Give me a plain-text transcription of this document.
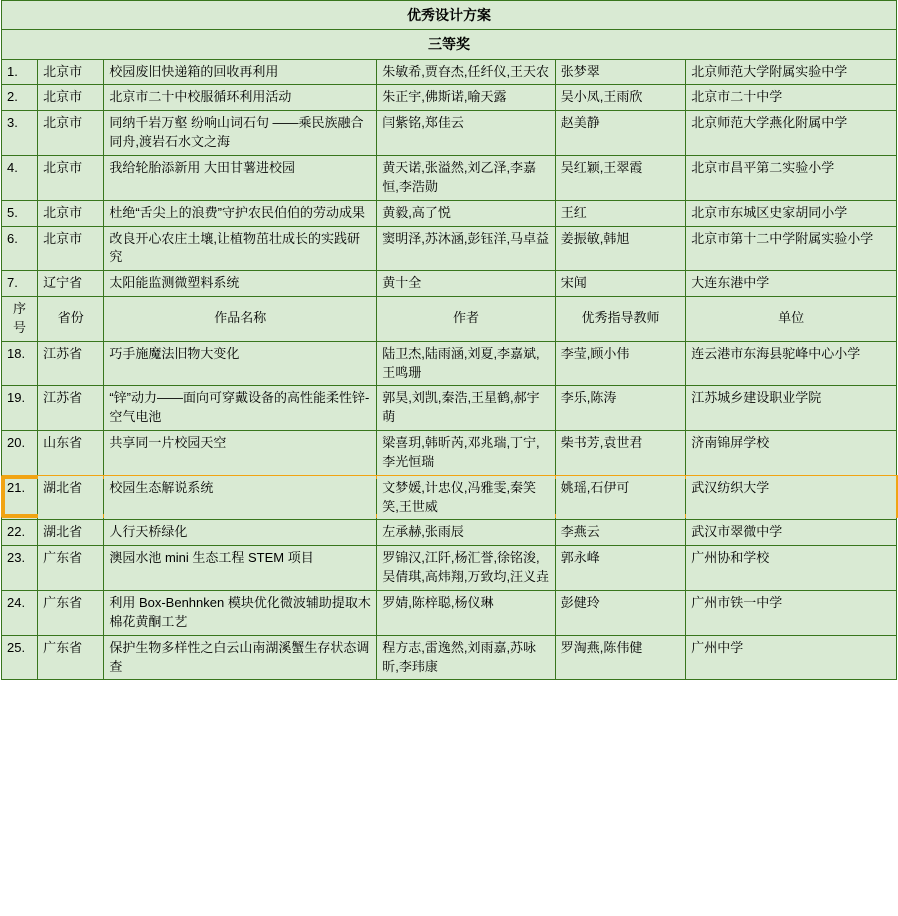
优秀设计方案					
三等奖					
1.	北京市	校园废旧快递箱的回收再利用	朱敏希,贾昚杰,任纤仪,王天农	张梦翠	北京师范大学附属实验中学
2.	北京市	北京市二十中校服循环利用活动	朱正宇,佛斯诺,喻天露	吴小凤,王雨欣	北京市二十中学
3.	北京市	同纳千岩万壑 纷响山词石句 ——乘民族融合同舟,渡岩石水文之海	闫紫铭,郑佳云	赵美静	北京师范大学燕化附属中学
4.	北京市	我给轮胎添新用 大田甘薯进校园	黄天诺,张溢然,刘乙泽,李嘉恒,李浩勋	吴红颖,王翠霞	北京市昌平第二实验小学
5.	北京市	杜绝“舌尖上的浪费”守护农民伯伯的劳动成果	黄毅,高了悦	王红	北京市东城区史家胡同小学
6.	北京市	改良开心农庄土壤,让植物茁壮成长的实践研究	窦明泽,苏沐涵,彭钰洋,马卓益	姜振敏,韩旭	北京市第十二中学附属实验小学
7.	辽宁省	太阳能监测微塑料系统	黄十全	宋闻	大连东港中学
序号	省份	作品名称	作者	优秀指导教师	单位
18.	江苏省	巧手施魔法旧物大变化	陆卫杰,陆雨涵,刘夏,李嘉斌,王鸣珊	李莹,顾小伟	连云港市东海县驼峰中心小学
19.	江苏省	“锌”动力——面向可穿戴设备的高性能柔性锌-空气电池	郭昊,刘凯,秦浩,王星鹤,郝宇萌	李乐,陈涛	江苏城乡建设职业学院
20.	山东省	共享同一片校园天空	梁喜玥,韩昕芮,邓兆瑞,丁宁,李光恒瑞	柴书芳,袁世君	济南锦屏学校
21.	湖北省	校园生态解说系统	文梦媛,计忠仪,冯雅雯,秦笑笑,王世威	姚瑶,石伊可	武汉纺织大学
22.	湖北省	人行天桥绿化	左承赫,张雨辰	李燕云	武汉市翠微中学
23.	广东省	澳园水池 mini 生态工程 STEM 项目	罗锦汉,江阡,杨汇誉,徐铭浚,吴倩琪,高炜翔,万致均,汪义垚	郭永峰	广州协和学校
24.	广东省	利用 Box-Benhnken 模块优化微波辅助提取木棉花黄酮工艺	罗婧,陈梓聪,杨仪琳	彭健玲	广州市铁一中学
25.	广东省	保护生物多样性之白云山南湖溪蟹生存状态调查	程方志,雷逸然,刘雨嘉,苏咏昕,李玮康	罗淘燕,陈伟健	广州中学
